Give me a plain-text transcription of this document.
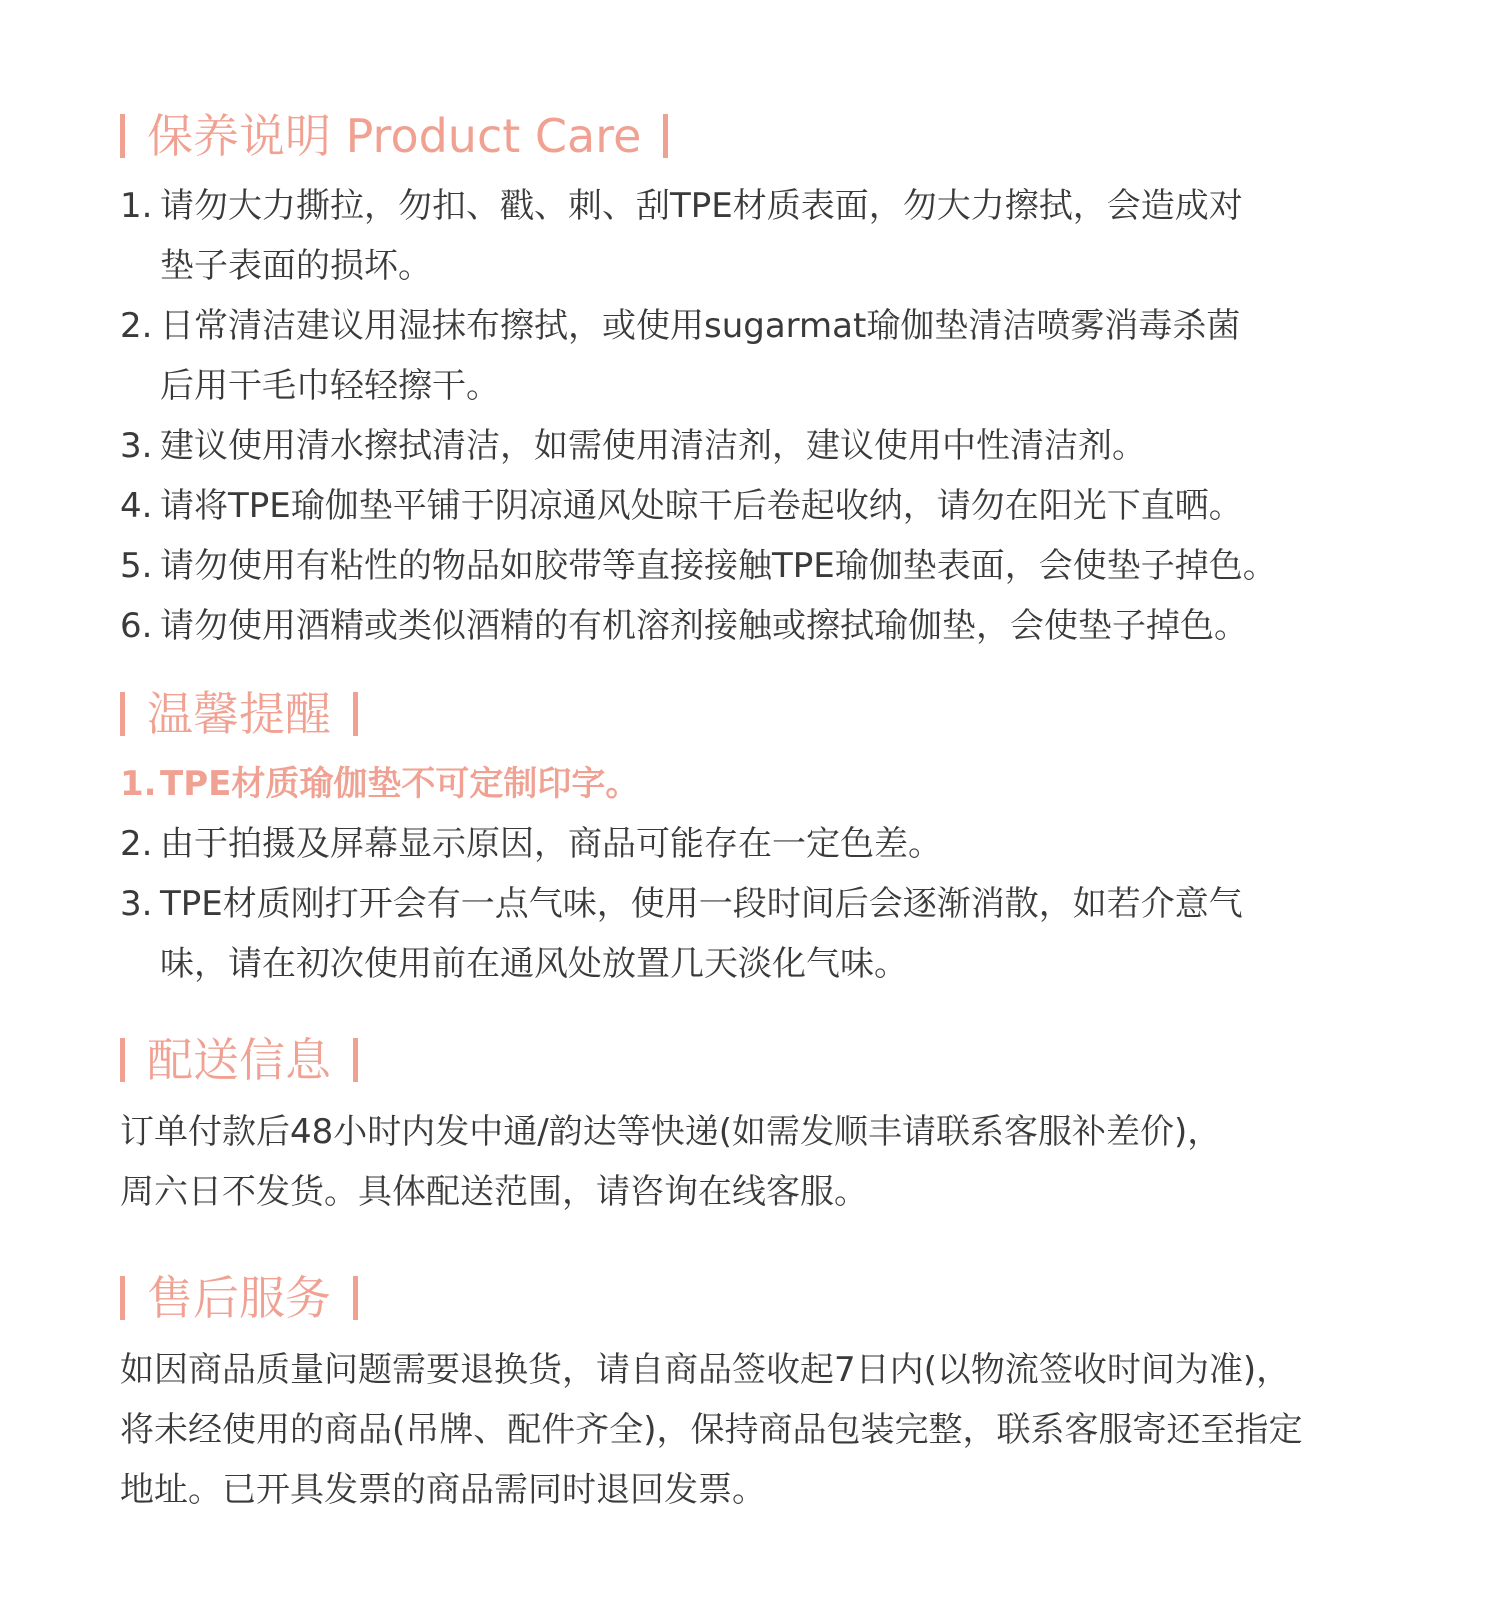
保养说明 Product Care
1. 请勿大力撕拉，勿扣、戳、刺、刮TPE材质表面，勿大力擦拭，会造成对
垫子表面的损坏。
2. 日常清洁建议用湿抹布擦拭，或使用sugarmat瑜伽垫清洁喷雾消毒杀菌
后用干毛巾轻轻擦干。
3. 建议使用清水擦拭清洁，如需使用清洁剂，建议使用中性清洁剂。
4. 请将TPE瑜伽垫平铺于阴凉通风处晾干后卷起收纳，请勿在阳光下直晒。
5. 请勿使用有粘性的物品如胶带等直接接触TPE瑜伽垫表面，会使垫子掉色。
6. 请勿使用酒精或类似酒精的有机溶剂接触或擦拭瑜伽垫，会使垫子掉色。
温馨提醒
1. TPE材质瑜伽垫不可定制印字。
2. 由于拍摄及屏幕显示原因，商品可能存在一定色差。
3. TPE材质刚打开会有一点气味，使用一段时间后会逐渐消散，如若介意气
味，请在初次使用前在通风处放置几天淡化气味。
配送信息
订单付款后48小时内发中通/韵达等快递(如需发顺丰请联系客服补差价)，
周六日不发货。具体配送范围，请咨询在线客服。
售后服务
如因商品质量问题需要退换货，请自商品签收起7日内(以物流签收时间为准)，
将未经使用的商品(吊牌、配件齐全)，保持商品包装完整，联系客服寄还至指定
地址。已开具发票的商品需同时退回发票。
